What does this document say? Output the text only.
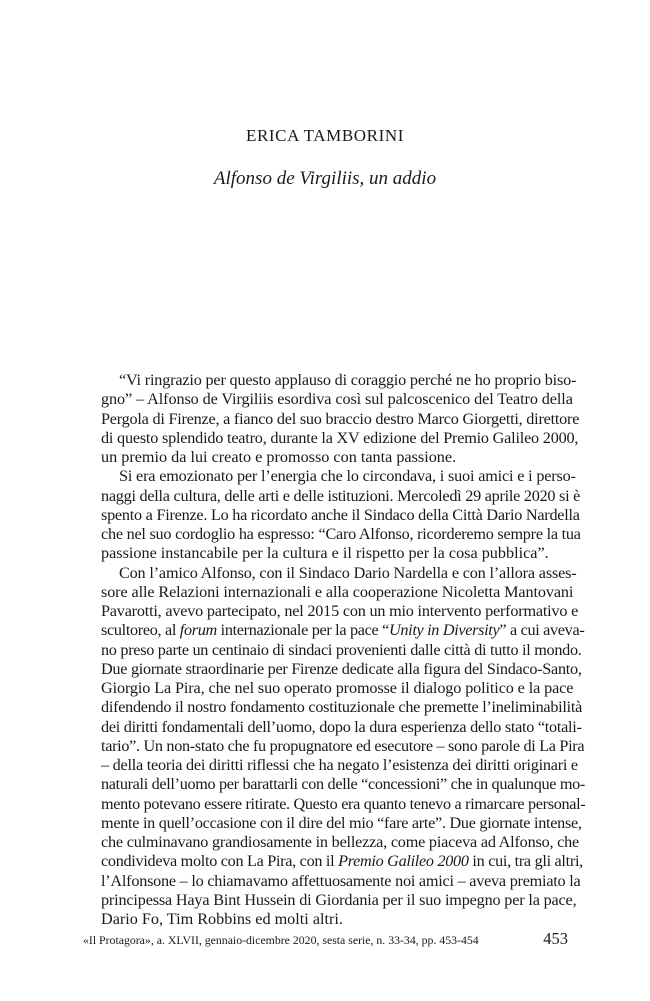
ERICA TAMBORINI
Alfonso de Virgiliis, un addio

“Vi ringrazio per questo applauso di coraggio perché ne ho proprio biso-
gno” – Alfonso de Virgiliis esordiva così sul palcoscenico del Teatro della
Pergola di Firenze, a fianco del suo braccio destro Marco Giorgetti, direttore
di questo splendido teatro, durante la XV edizione del Premio Galileo 2000,
un premio da lui creato e promosso con tanta passione.

Si era emozionato per l’energia che lo circondava, i suoi amici e i perso-
naggi della cultura, delle arti e delle istituzioni. Mercoledì 29 aprile 2020 si è
spento a Firenze. Lo ha ricordato anche il Sindaco della Città Dario Nardella
che nel suo cordoglio ha espresso: “Caro Alfonso, ricorderemo sempre la tua
passione instancabile per la cultura e il rispetto per la cosa pubblica”.

Con l’amico Alfonso, con il Sindaco Dario Nardella e con l’allora asses-
sore alle Relazioni internazionali e alla cooperazione Nicoletta Mantovani
Pavarotti, avevo partecipato, nel 2015 con un mio intervento performativo e
scultoreo, al forum internazionale per la pace “Unity in Diversity” a cui aveva-
no preso parte un centinaio di sindaci provenienti dalle città di tutto il mondo.
Due giornate straordinarie per Firenze dedicate alla figura del Sindaco-Santo,
Giorgio La Pira, che nel suo operato promosse il dialogo politico e la pace
difendendo il nostro fondamento costituzionale che premette l’ineliminabilità
dei diritti fondamentali dell’uomo, dopo la dura esperienza dello stato “totali-
tario”. Un non-stato che fu propugnatore ed esecutore – sono parole di La Pira
– della teoria dei diritti riflessi che ha negato l’esistenza dei diritti originari e
naturali dell’uomo per barattarli con delle “concessioni” che in qualunque mo-
mento potevano essere ritirate. Questo era quanto tenevo a rimarcare personal-
mente in quell’occasione con il dire del mio “fare arte”. Due giornate intense,
che culminavano grandiosamente in bellezza, come piaceva ad Alfonso, che
condivideva molto con La Pira, con il Premio Galileo 2000 in cui, tra gli altri,
l’Alfonsone – lo chiamavamo affettuosamente noi amici – aveva premiato la
principessa Haya Bint Hussein di Giordania per il suo impegno per la pace,
Dario Fo, Tim Robbins ed molti altri.

«Il Protagora», a. XLVII, gennaio-dicembre 2020, sesta serie, n. 33-34, pp. 453-454	453
